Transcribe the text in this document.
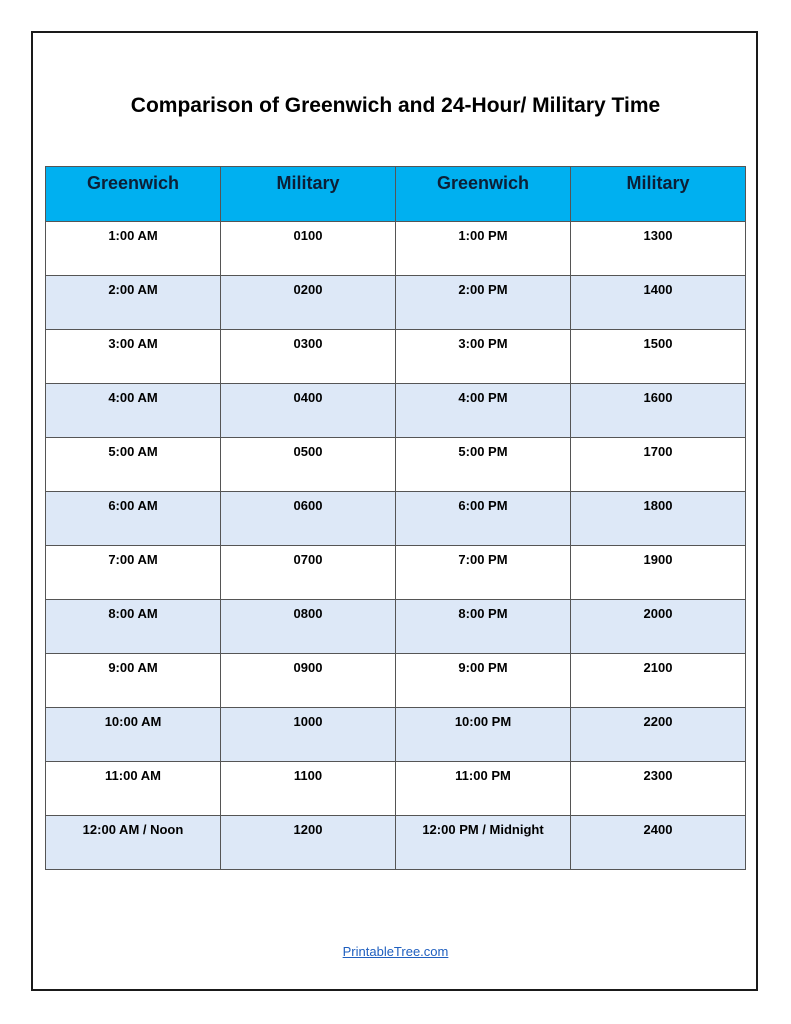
Comparison of Greenwich and 24-Hour/ Military Time
Greenwich	Military	Greenwich	Military
1:00 AM	0100	1:00 PM	1300
2:00 AM	0200	2:00 PM	1400
3:00 AM	0300	3:00 PM	1500
4:00 AM	0400	4:00 PM	1600
5:00 AM	0500	5:00 PM	1700
6:00 AM	0600	6:00 PM	1800
7:00 AM	0700	7:00 PM	1900
8:00 AM	0800	8:00 PM	2000
9:00 AM	0900	9:00 PM	2100
10:00 AM	1000	10:00 PM	2200
11:00 AM	1100	11:00 PM	2300
12:00 AM / Noon	1200	12:00 PM / Midnight	2400
PrintableTree.com
